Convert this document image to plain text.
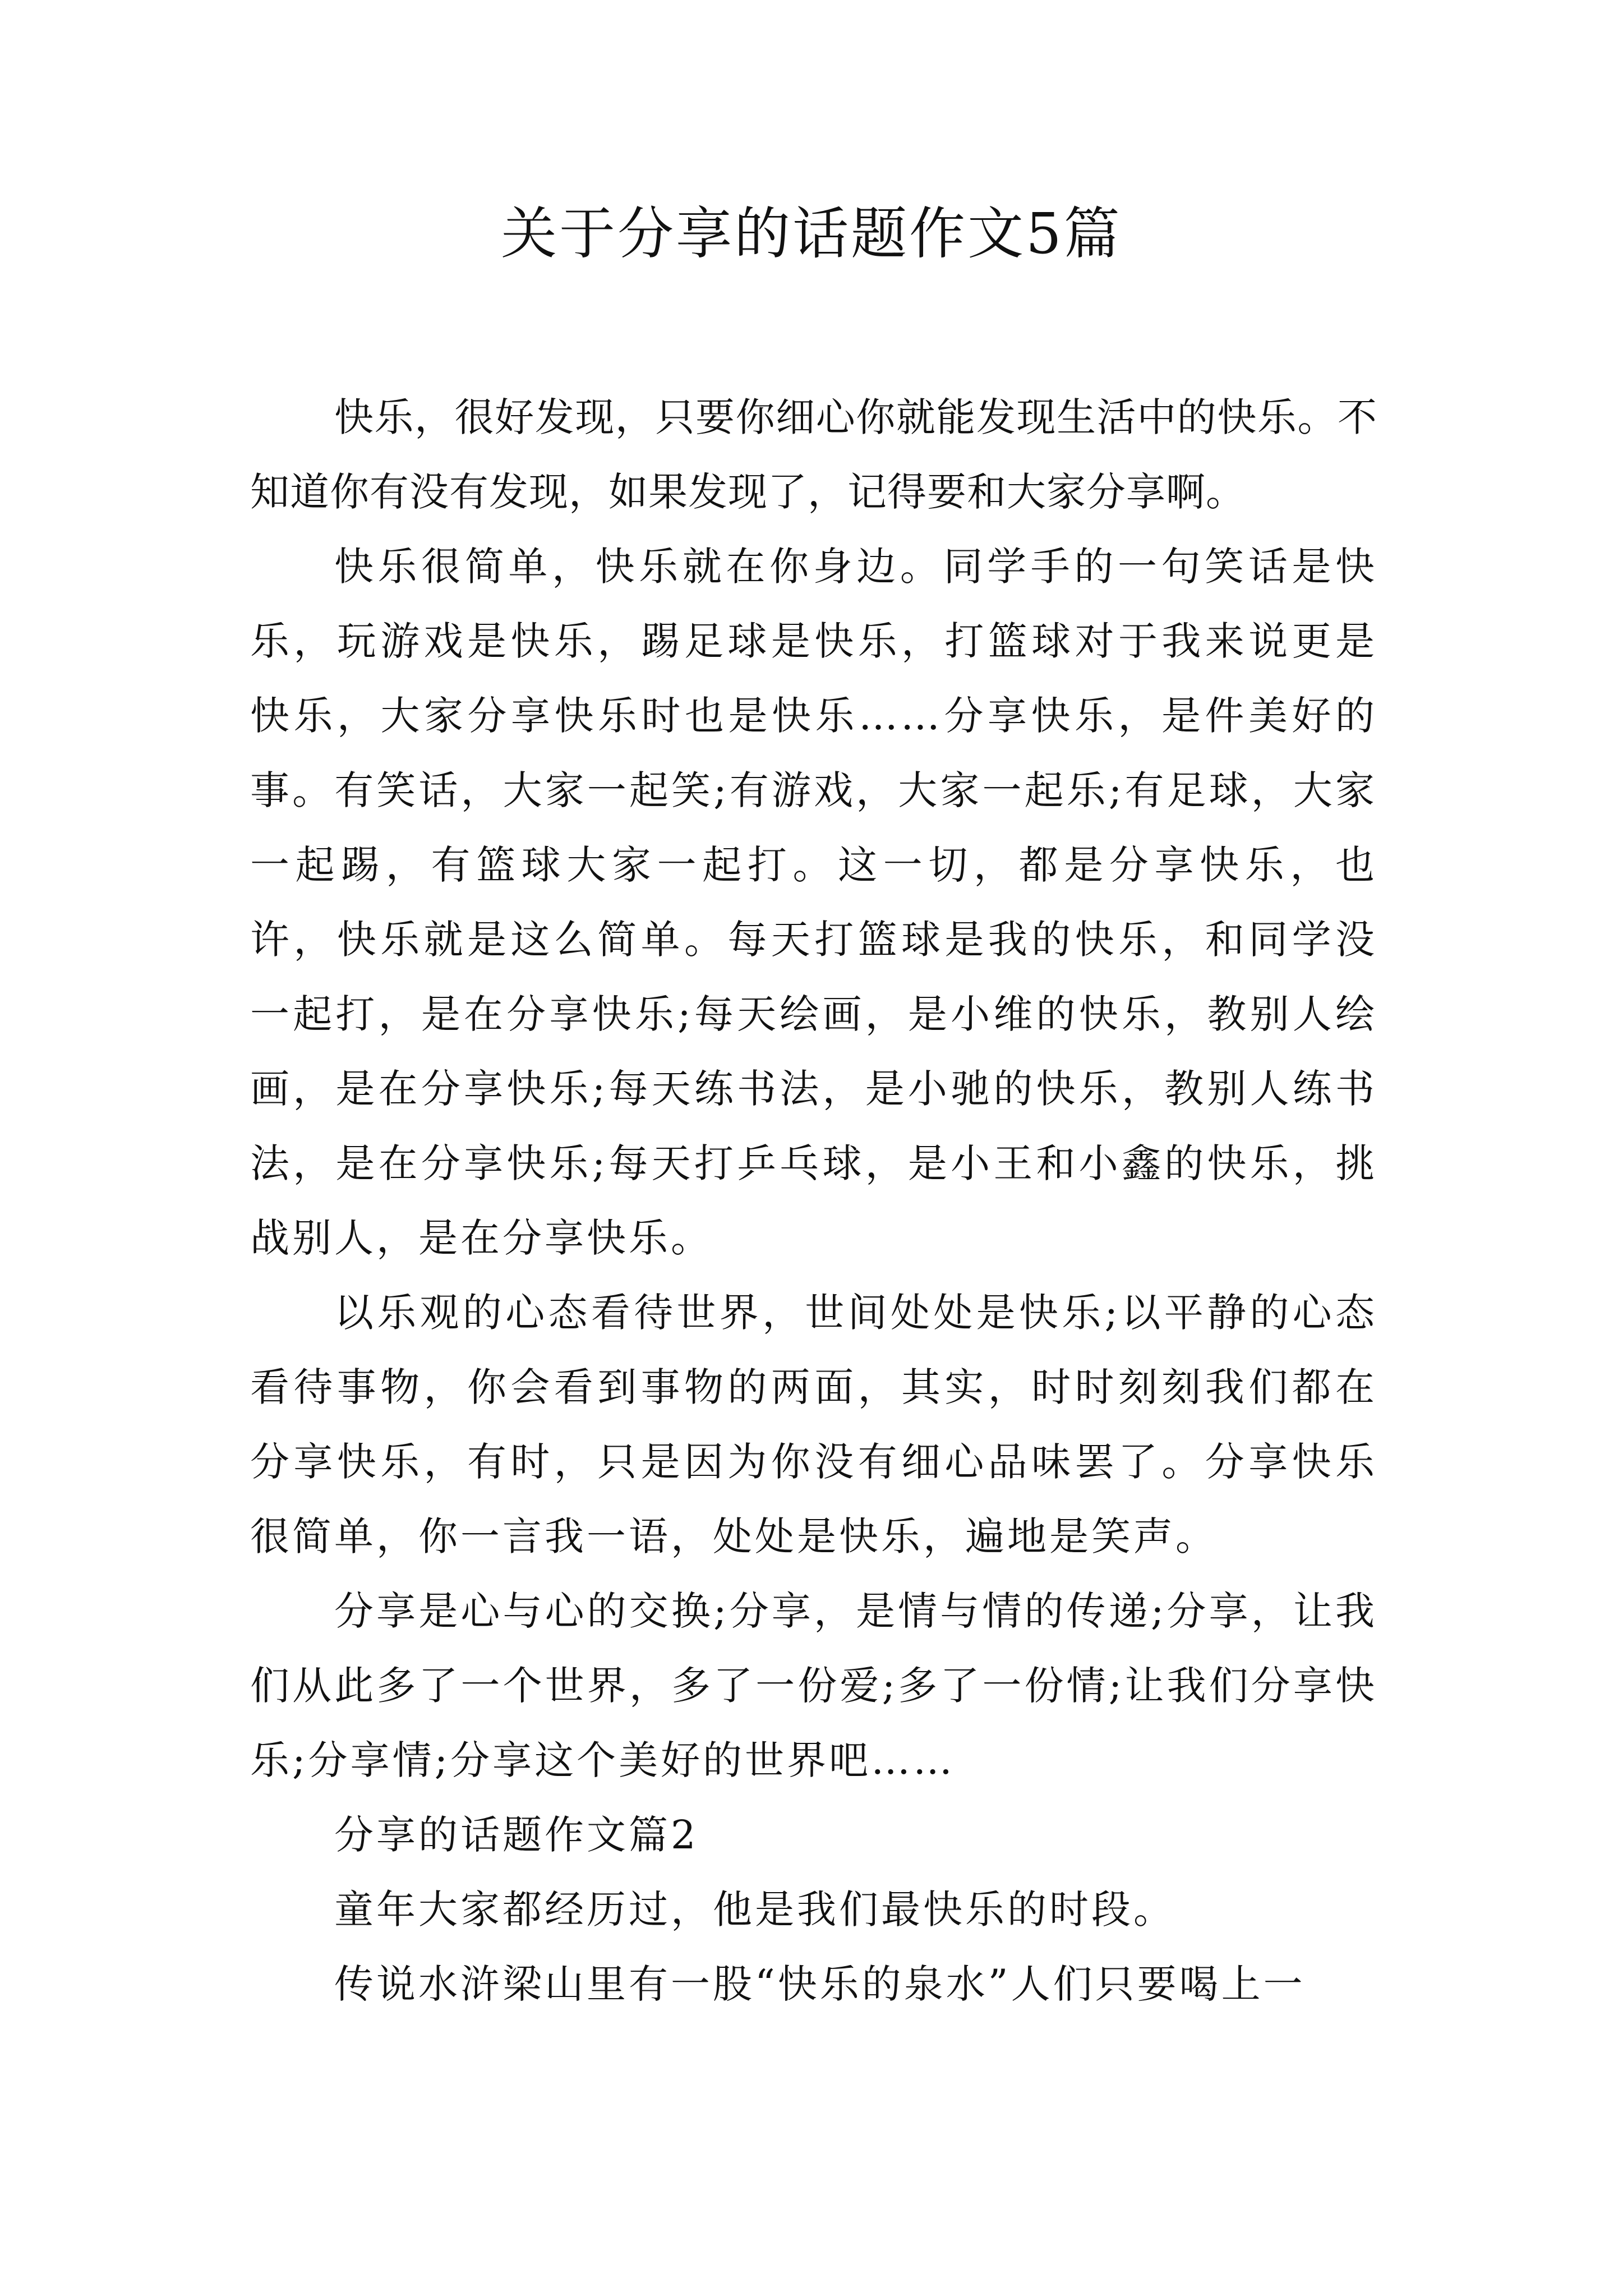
关于分享的话题作文5篇

快乐，很好发现，只要你细心你就能发现生活中的快乐。不知道你有没有发现，如果发现了，记得要和大家分享啊。

快乐很简单，快乐就在你身边。同学手的一句笑话是快乐，玩游戏是快乐，踢足球是快乐，打篮球对于我来说更是快乐，大家分享快乐时也是快乐……分享快乐，是件美好的事。有笑话，大家一起笑;有游戏，大家一起乐;有足球，大家一起踢，有篮球大家一起打。这一切，都是分享快乐，也许，快乐就是这么简单。每天打篮球是我的快乐，和同学没一起打，是在分享快乐;每天绘画，是小维的快乐，教别人绘画，是在分享快乐;每天练书法，是小驰的快乐，教别人练书法，是在分享快乐;每天打乒乓球，是小王和小鑫的快乐，挑战别人，是在分享快乐。

以乐观的心态看待世界，世间处处是快乐;以平静的心态看待事物，你会看到事物的两面，其实，时时刻刻我们都在分享快乐，有时，只是因为你没有细心品味罢了。分享快乐很简单，你一言我一语，处处是快乐，遍地是笑声。

分享是心与心的交换;分享，是情与情的传递;分享，让我们从此多了一个世界，多了一份爱;多了一份情;让我们分享快乐;分享情;分享这个美好的世界吧……

分享的话题作文篇2

童年大家都经历过，他是我们最快乐的时段。

传说水浒梁山里有一股“快乐的泉水”人们只要喝上一
